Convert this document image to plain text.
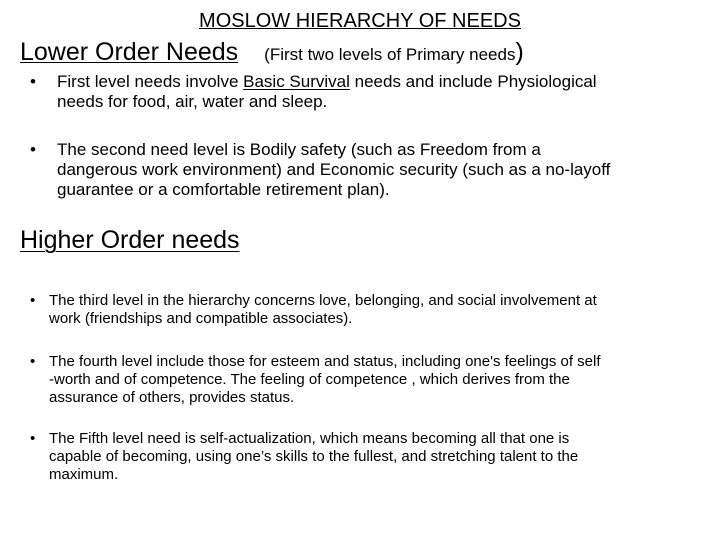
MOSLOW HIERARCHY OF NEEDS
Lower Order Needs (First two levels of Primary needs)
• First level needs involve Basic Survival needs and include Physiological
needs for food, air, water and sleep.
• The second need level is Bodily safety (such as Freedom from a
dangerous work environment) and Economic security (such as a no-layoff
guarantee or a comfortable retirement plan).
Higher Order needs
• The third level in the hierarchy concerns love, belonging, and social involvement at
work (friendships and compatible associates).
• The fourth level include those for esteem and status, including one's feelings of self
-worth and of competence. The feeling of competence , which derives from the
assurance of others, provides status.
• The Fifth level need is self-actualization, which means becoming all that one is
capable of becoming, using one’s skills to the fullest, and stretching talent to the
maximum.
